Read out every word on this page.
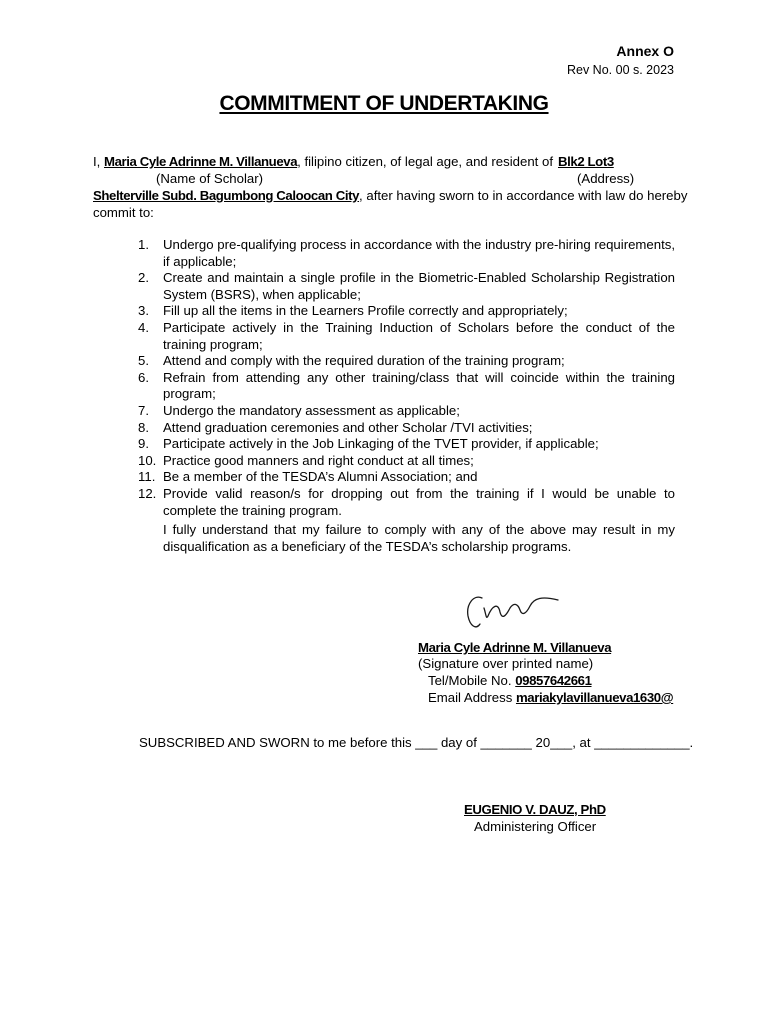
Annex O
Rev No. 00 s. 2023
COMMITMENT OF UNDERTAKING
I, Maria Cyle Adrinne M. Villanueva, filipino citizen, of legal age, and resident of Blk2 Lot3
(Name of Scholar)	(Address)
Shelterville Subd. Bagumbong Caloocan City, after having sworn to in accordance with law do hereby
commit to:
1.	Undergo pre-qualifying process in accordance with the industry pre-hiring requirements, if applicable;
2.	Create and maintain a single profile in the Biometric-Enabled Scholarship Registration System (BSRS), when applicable;
3.	Fill up all the items in the Learners Profile correctly and appropriately;
4.	Participate actively in the Training Induction of Scholars before the conduct of the training program;
5.	Attend and comply with the required duration of the training program;
6.	Refrain from attending any other training/class that will coincide within the training program;
7.	Undergo the mandatory assessment as applicable;
8.	Attend graduation ceremonies and other Scholar /TVI activities;
9.	Participate actively in the Job Linkaging of the TVET provider, if applicable;
10. Practice good manners and right conduct at all times;
11. Be a member of the TESDA’s Alumni Association; and
12. Provide valid reason/s for dropping out from the training if I would be unable to complete the training program.
I fully understand that my failure to comply with any of the above may result in my disqualification as a beneficiary of the TESDA’s scholarship programs.
Maria Cyle Adrinne M. Villanueva
(Signature over printed name)
Tel/Mobile No. 09857642661
Email Address mariakylavillanueva1630@
SUBSCRIBED AND SWORN to me before this ___ day of _______ 20___, at _____________.
EUGENIO V. DAUZ, PhD
Administering Officer
